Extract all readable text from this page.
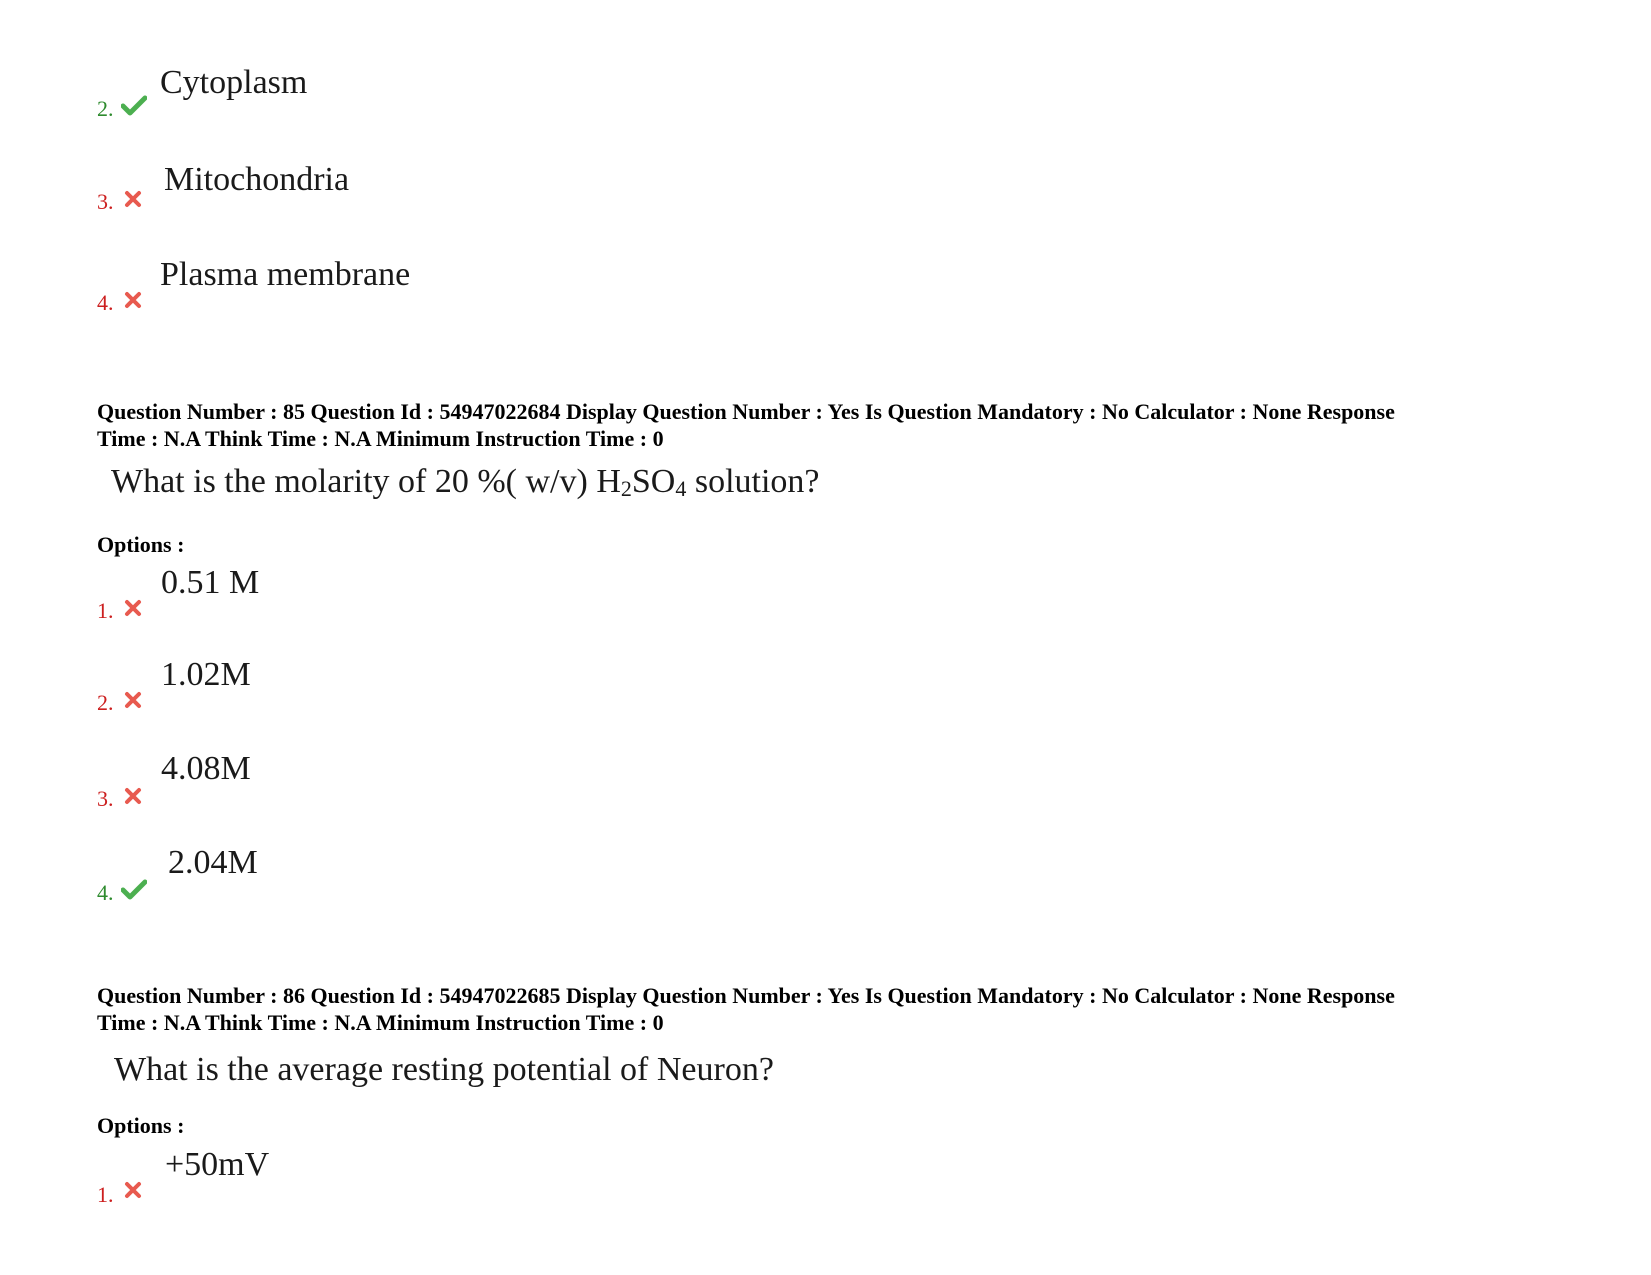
2.
Cytoplasm
3.
Mitochondria
4.
Plasma membrane
Question Number : 85 Question Id : 54947022684 Display Question Number : Yes Is Question Mandatory : No Calculator : None Response
Time : N.A Think Time : N.A Minimum Instruction Time : 0
What is the molarity of 20 %( w/v) $H_2SO_4$ solution?
Options :
1.
0.51 M
2.
1.02M
3.
4.08M
4.
2.04M
Question Number : 86 Question Id : 54947022685 Display Question Number : Yes Is Question Mandatory : No Calculator : None Response
Time : N.A Think Time : N.A Minimum Instruction Time : 0
What is the average resting potential of Neuron?
Options :
1.
+50mV
